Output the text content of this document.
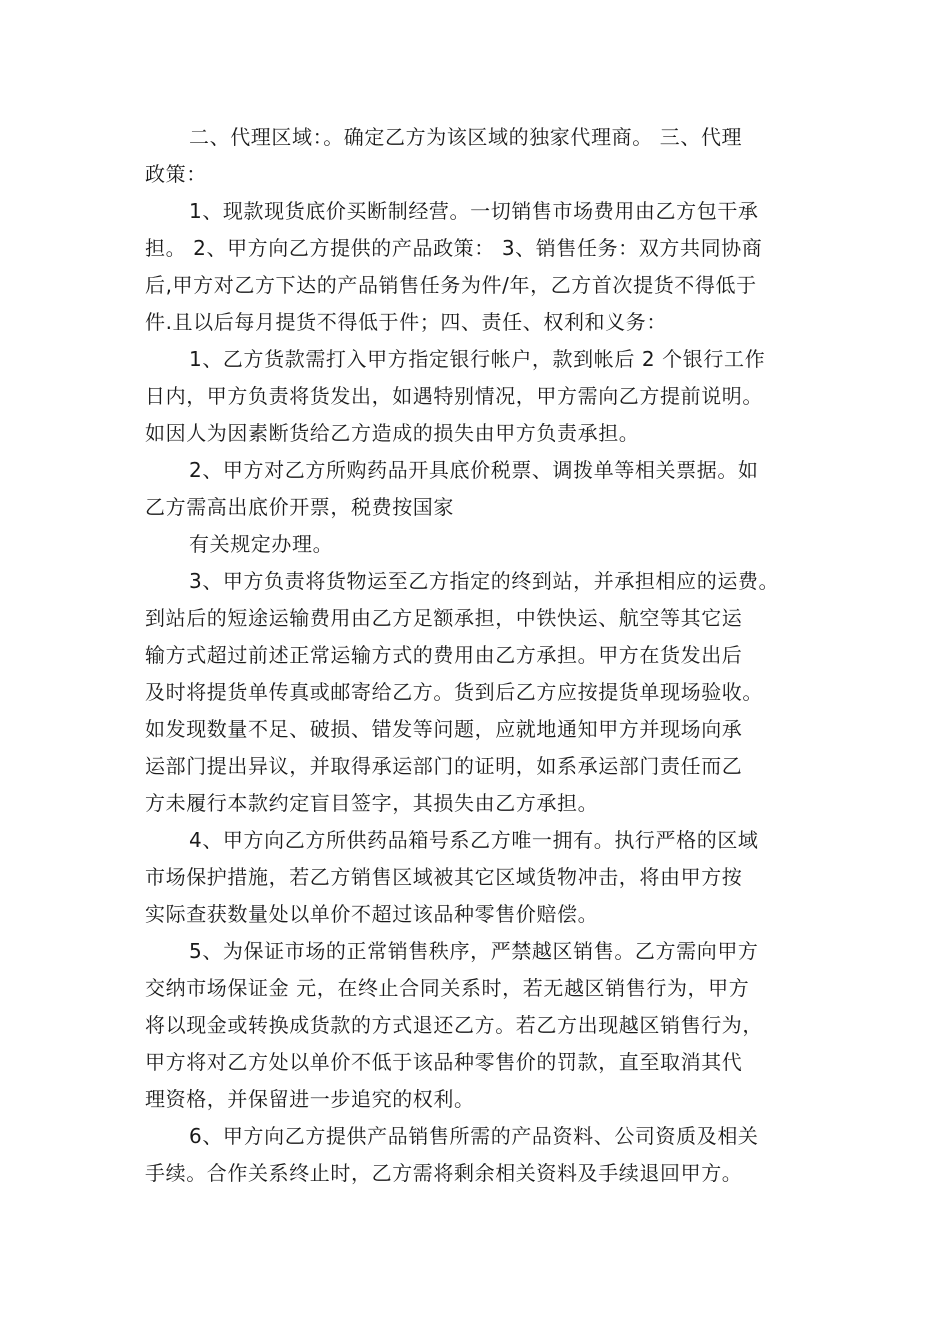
二、代理区域：。确定乙方为该区域的独家代理商。 三、代理
政策：
1、现款现货底价买断制经营。一切销售市场费用由乙方包干承
担。 2、甲方向乙方提供的产品政策： 3、销售任务：双方共同协商
后,甲方对乙方下达的产品销售任务为件/年，乙方首次提货不得低于
件.且以后每月提货不得低于件；四、责任、权利和义务：
1、乙方货款需打入甲方指定银行帐户，款到帐后 2 个银行工作
日内，甲方负责将货发出，如遇特别情况，甲方需向乙方提前说明。
如因人为因素断货给乙方造成的损失由甲方负责承担。
2、甲方对乙方所购药品开具底价税票、调拨单等相关票据。如
乙方需高出底价开票，税费按国家
有关规定办理。
3、甲方负责将货物运至乙方指定的终到站，并承担相应的运费。
到站后的短途运输费用由乙方足额承担，中铁快运、航空等其它运
输方式超过前述正常运输方式的费用由乙方承担。甲方在货发出后
及时将提货单传真或邮寄给乙方。货到后乙方应按提货单现场验收。
如发现数量不足、破损、错发等问题，应就地通知甲方并现场向承
运部门提出异议，并取得承运部门的证明，如系承运部门责任而乙
方未履行本款约定盲目签字，其损失由乙方承担。
4、甲方向乙方所供药品箱号系乙方唯一拥有。执行严格的区域
市场保护措施，若乙方销售区域被其它区域货物冲击，将由甲方按
实际查获数量处以单价不超过该品种零售价赔偿。
5、为保证市场的正常销售秩序，严禁越区销售。乙方需向甲方
交纳市场保证金 元，在终止合同关系时，若无越区销售行为，甲方
将以现金或转换成货款的方式退还乙方。若乙方出现越区销售行为，
甲方将对乙方处以单价不低于该品种零售价的罚款，直至取消其代
理资格，并保留进一步追究的权利。
6、甲方向乙方提供产品销售所需的产品资料、公司资质及相关
手续。合作关系终止时，乙方需将剩余相关资料及手续退回甲方。
